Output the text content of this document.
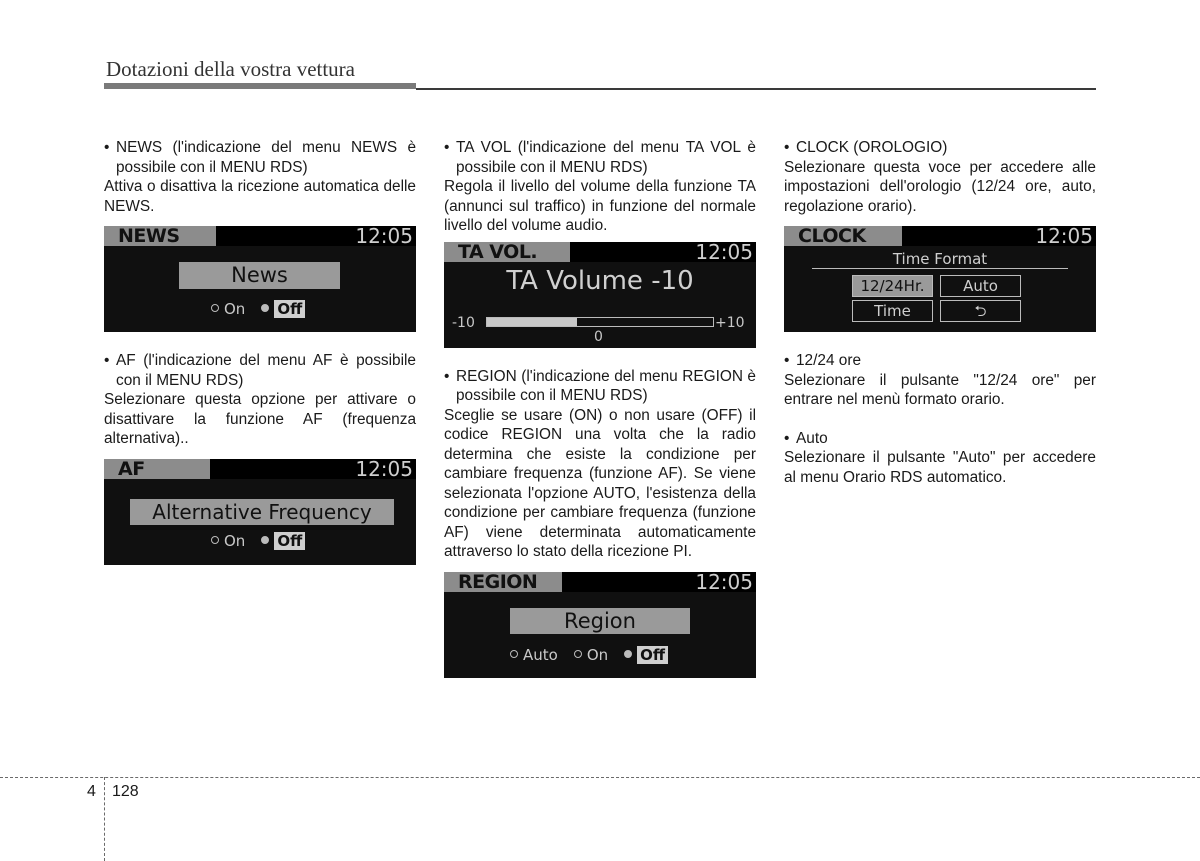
Dotazioni della vostra vettura
• NEWS (l'indicazione del menu NEWS è possibile con il MENU RDS)

Attiva o disattiva la ricezione automatica delle NEWS.

NEWS	12:05
News
On Off
• AF (l'indicazione del menu AF è possibile con il MENU RDS)

Selezionare questa opzione per attivare o disattivare la funzione AF (frequenza alternativa)..

AF	12:05
Alternative Frequency
On Off
• TA VOL (l'indicazione del menu TA VOL è possibile con il MENU RDS)

Regola il livello del volume della funzione TA (annunci sul traffico) in funzione del normale livello del volume audio.

TA VOL.	12:05
TA Volume -10
-10	+10
0
• REGION (l'indicazione del menu REGION è possibile con il MENU RDS)

Sceglie se usare (ON) o non usare (OFF) il codice REGION una volta che la radio determina che esiste la condizione per cambiare frequenza (funzione AF). Se viene selezionata l'opzione AUTO, l'esistenza della condizione per cambiare frequenza (funzione AF) viene determinata automaticamente attraverso lo stato della ricezione PI.

REGION	12:05
Region
Auto On Off
• CLOCK (OROLOGIO)

Selezionare questa voce per accedere alle impostazioni dell'orologio (12/24 ore, auto, regolazione orario).

CLOCK	12:05
Time Format
12/24Hr.	Auto
Time	⮌
• 12/24 ore

Selezionare il pulsante "12/24 ore" per entrare nel menù formato orario.

• Auto

Selezionare il pulsante "Auto" per accedere al menu Orario RDS automatico.

4 128
